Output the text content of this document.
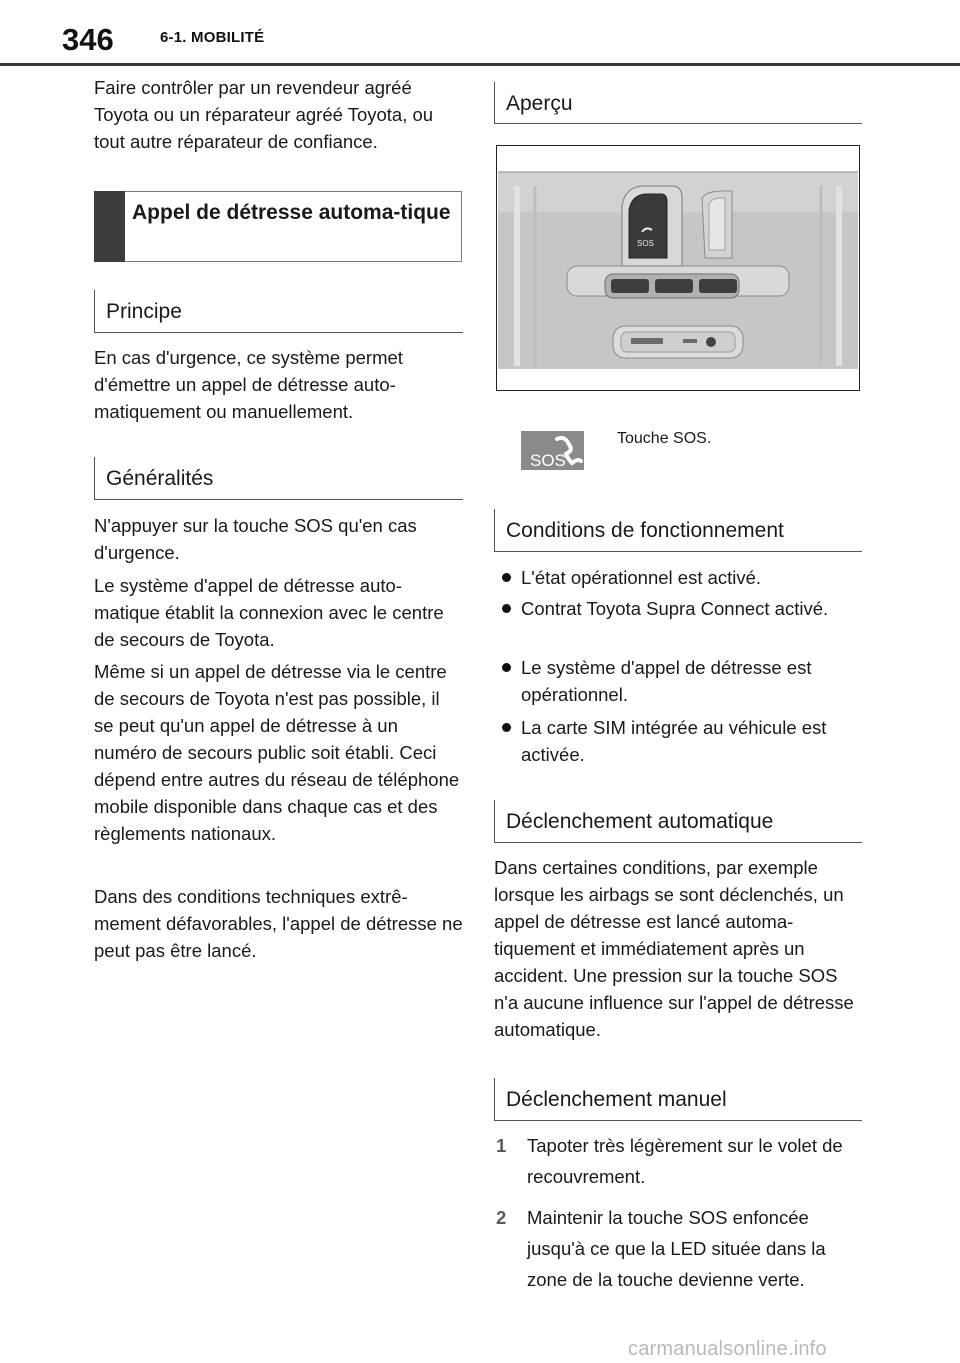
346	6-1. MOBILITÉ

Faire contrôler par un revendeur agréé Toyota ou un réparateur agréé Toyota, ou tout autre réparateur de confiance.

Appel de détresse automa-tique
Principe

En cas d'urgence, ce système permet d'émettre un appel de détresse auto-matiquement ou manuellement.

Généralités

N'appuyer sur la touche SOS qu'en cas d'urgence.

Le système d'appel de détresse auto-matique établit la connexion avec le centre de secours de Toyota.

Même si un appel de détresse via le centre de secours de Toyota n'est pas possible, il se peut qu'un appel de détresse à un numéro de secours public soit établi. Ceci dépend entre autres du réseau de téléphone mobile disponible dans chaque cas et des règlements nationaux.

Dans des conditions techniques extrê-mement défavorables, l'appel de détresse ne peut pas être lancé.

Aperçu
SOS
SOS
Touche SOS.
Conditions de fonctionnement
L'état opérationnel est activé.
Contrat Toyota Supra Connect activé.
Le système d'appel de détresse est opérationnel.
La carte SIM intégrée au véhicule est activée.
Déclenchement automatique

Dans certaines conditions, par exemple lorsque les airbags se sont déclenchés, un appel de détresse est lancé automa-tiquement et immédiatement après un accident. Une pression sur la touche SOS n'a aucune influence sur l'appel de détresse automatique.

Déclenchement manuel
1 Tapoter très légèrement sur le volet de recouvrement.
2 Maintenir la touche SOS enfoncée jusqu'à ce que la LED située dans la zone de la touche devienne verte.
carmanualsonline.info
